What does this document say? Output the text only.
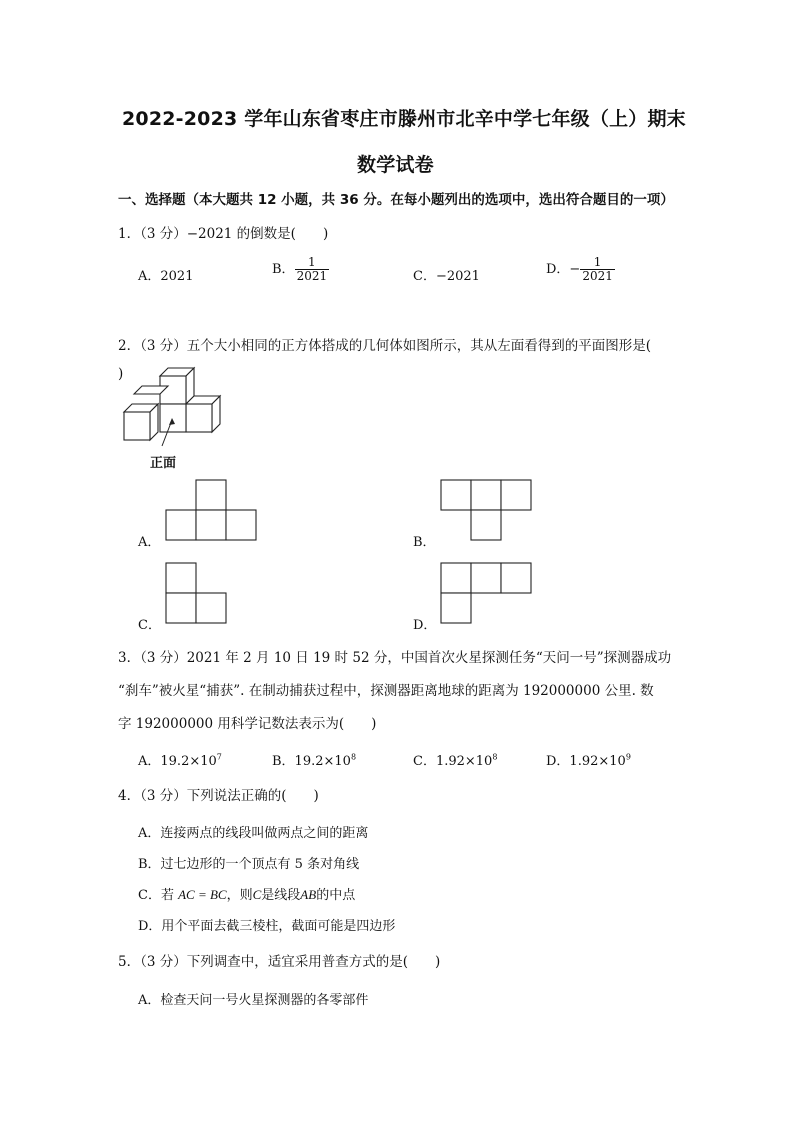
2022-2023 学年山东省枣庄市滕州市北辛中学七年级（上）期末
数学试卷
一、选择题（本大题共 12 小题，共 36 分。在每小题列出的选项中，选出符合题目的一项）
1．（3 分）−2021 的倒数是(　　)
A．2021	B． $\frac{1}{2021}$	C．−2021	D．− $\frac{1}{2021}$
2．（3 分）五个大小相同的正方体搭成的几何体如图所示，其从左面看得到的平面图形是(
)
正面
A．	B．
C．	D．
3．（3 分）2021 年 2 月 10 日 19 时 52 分，中国首次火星探测任务“天问一号”探测器成功
“刹车”被火星“捕获”. 在制动捕获过程中，探测器距离地球的距离为 192000000 公里. 数
字 192000000 用科学记数法表示为(　　)
A．$19.2\times 10^7$	B．$19.2\times 10^8$	C．$1.92\times 10^8$	D．$1.92\times 10^9$
4．（3 分）下列说法正确的(　　)
A．连接两点的线段叫做两点之间的距离
B．过七边形的一个顶点有 5 条对角线
C．若 AC = BC，则C是线段AB的中点
D．用个平面去截三棱柱，截面可能是四边形
5．（3 分）下列调查中，适宜采用普查方式的是(　　)
A．检查天问一号火星探测器的各零部件
